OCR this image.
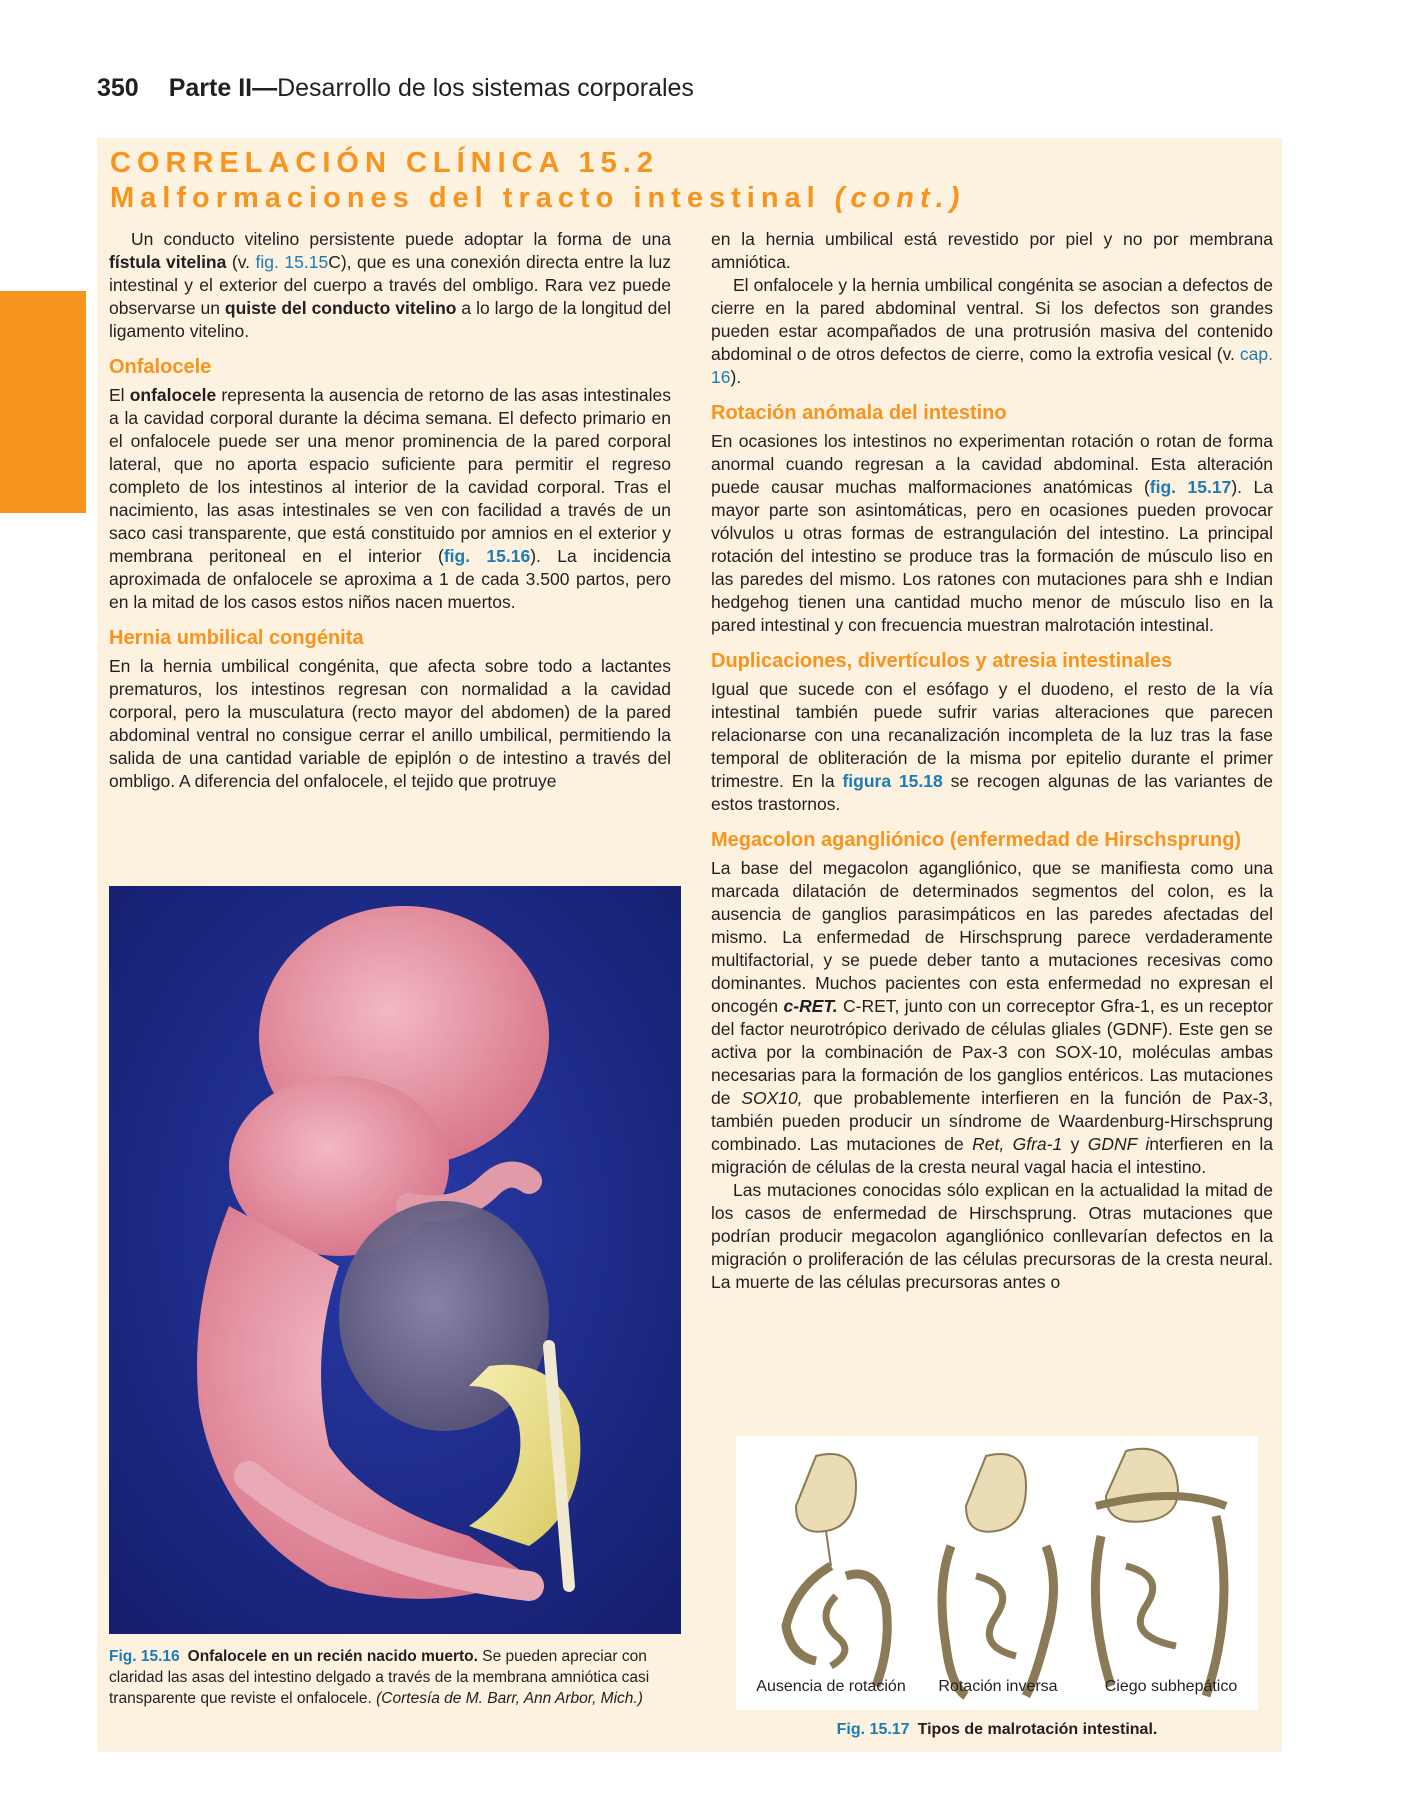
350 Parte II—Desarrollo de los sistemas corporales
CORRELACIÓN CLÍNICA 15.2
Malformaciones del tracto intestinal (cont.)

Un conducto vitelino persistente puede adoptar la forma de una fístula vitelina (v. fig. 15.15C), que es una conexión directa entre la luz intestinal y el exterior del cuerpo a través del ombligo. Rara vez puede observarse un quiste del conducto vitelino a lo largo de la longitud del ligamento vitelino.

Onfalocele

El onfalocele representa la ausencia de retorno de las asas intestinales a la cavidad corporal durante la décima semana. El defecto primario en el onfalocele puede ser una menor prominencia de la pared corporal lateral, que no aporta espacio suficiente para permitir el regreso completo de los intestinos al interior de la cavidad corporal. Tras el nacimiento, las asas intestinales se ven con facilidad a través de un saco casi transparente, que está constituido por amnios en el exterior y membrana peritoneal en el interior (fig. 15.16). La incidencia aproximada de onfalocele se aproxima a 1 de cada 3.500 partos, pero en la mitad de los casos estos niños nacen muertos.

Hernia umbilical congénita

En la hernia umbilical congénita, que afecta sobre todo a lactantes prematuros, los intestinos regresan con normalidad a la cavidad corporal, pero la musculatura (recto mayor del abdomen) de la pared abdominal ventral no consigue cerrar el anillo umbilical, permitiendo la salida de una cantidad variable de epiplón o de intestino a través del ombligo. A diferencia del onfalocele, el tejido que protruye

en la hernia umbilical está revestido por piel y no por membrana amniótica.

El onfalocele y la hernia umbilical congénita se asocian a defectos de cierre en la pared abdominal ventral. Si los defectos son grandes pueden estar acompañados de una protrusión masiva del contenido abdominal o de otros defectos de cierre, como la extrofia vesical (v. cap. 16).

Rotación anómala del intestino

En ocasiones los intestinos no experimentan rotación o rotan de forma anormal cuando regresan a la cavidad abdominal. Esta alteración puede causar muchas malformaciones anatómicas (fig. 15.17). La mayor parte son asintomáticas, pero en ocasiones pueden provocar vólvulos u otras formas de estrangulación del intestino. La principal rotación del intestino se produce tras la formación de músculo liso en las paredes del mismo. Los ratones con mutaciones para shh e Indian hedgehog tienen una cantidad mucho menor de músculo liso en la pared intestinal y con frecuencia muestran malrotación intestinal.

Duplicaciones, divertículos y atresia intestinales

Igual que sucede con el esófago y el duodeno, el resto de la vía intestinal también puede sufrir varias alteraciones que parecen relacionarse con una recanalización incompleta de la luz tras la fase temporal de obliteración de la misma por epitelio durante el primer trimestre. En la figura 15.18 se recogen algunas de las variantes de estos trastornos.

Megacolon agangliónico (enfermedad de Hirschsprung)

La base del megacolon agangliónico, que se manifiesta como una marcada dilatación de determinados segmentos del colon, es la ausencia de ganglios parasimpáticos en las paredes afectadas del mismo. La enfermedad de Hirschsprung parece verdaderamente multifactorial, y se puede deber tanto a mutaciones recesivas como dominantes. Muchos pacientes con esta enfermedad no expresan el oncogén c-RET. C-RET, junto con un correceptor Gfra-1, es un receptor del factor neurotrópico derivado de células gliales (GDNF). Este gen se activa por la combinación de Pax-3 con SOX-10, moléculas ambas necesarias para la formación de los ganglios entéricos. Las mutaciones de SOX10, que probablemente interfieren en la función de Pax-3, también pueden producir un síndrome de Waardenburg-Hirschsprung combinado. Las mutaciones de Ret, Gfra-1 y GDNF interfieren en la migración de células de la cresta neural vagal hacia el intestino.

Las mutaciones conocidas sólo explican en la actualidad la mitad de los casos de enfermedad de Hirschsprung. Otras mutaciones que podrían producir megacolon agangliónico conllevarían defectos en la migración o proliferación de las células precursoras de la cresta neural. La muerte de las células precursoras antes o

Fig. 15.16 Onfalocele en un recién nacido muerto. Se pueden apreciar con claridad las asas del intestino delgado a través de la membrana amniótica casi transparente que reviste el onfalocele. (Cortesía de M. Barr, Ann Arbor, Mich.)
Ausencia de rotación Rotación inversa	Ciego subhepático
Fig. 15.17 Tipos de malrotación intestinal.
